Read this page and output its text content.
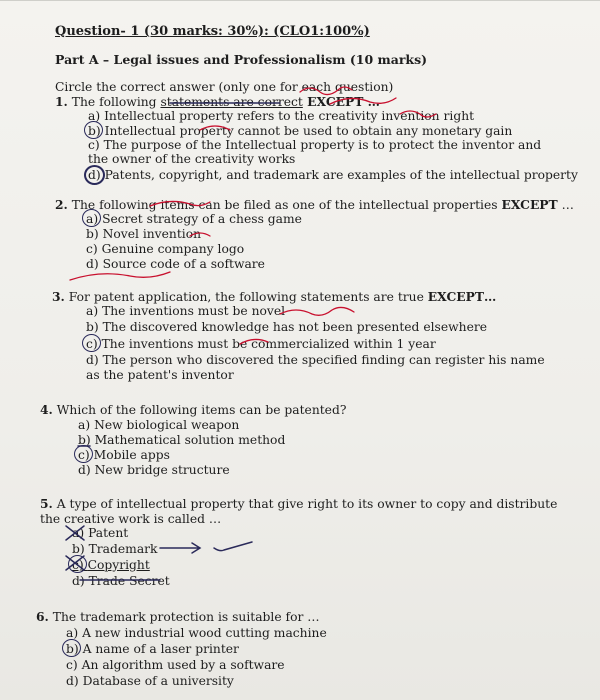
Question- 1 (30 marks: 30%): (CLO1:100%)
Part A – Legal issues and Professionalism (10 marks)
Circle the correct answer (only one for each question)
1. The following statements are correct EXCEPT …
a) Intellectual property refers to the creativity invention right
b) Intellectual property cannot be used to obtain any monetary gain
c) The purpose of the Intellectual property is to protect the inventor and the owner of the creativity works
d) Patents, copyright, and trademark are examples of the intellectual property
2. The following items can be filed as one of the intellectual properties EXCEPT …
a) Secret strategy of a chess game
b) Novel invention
c) Genuine company logo
d) Source code of a software
3. For patent application, the following statements are true EXCEPT…
a) The inventions must be novel
b) The discovered knowledge has not been presented elsewhere
c) The inventions must be commercialized within 1 year
d) The person who discovered the specified finding can register his name as the patent's inventor
4. Which of the following items can be patented?
a) New biological weapon
b) Mathematical solution method
c) Mobile apps
d) New bridge structure
5. A type of intellectual property that give right to its owner to copy and distribute the creative work is called …
a) Patent
b) Trademark
c) Copyright
d) Trade Secret
6. The trademark protection is suitable for …
a) A new industrial wood cutting machine
b) A name of a laser printer
c) An algorithm used by a software
d) Database of a university
